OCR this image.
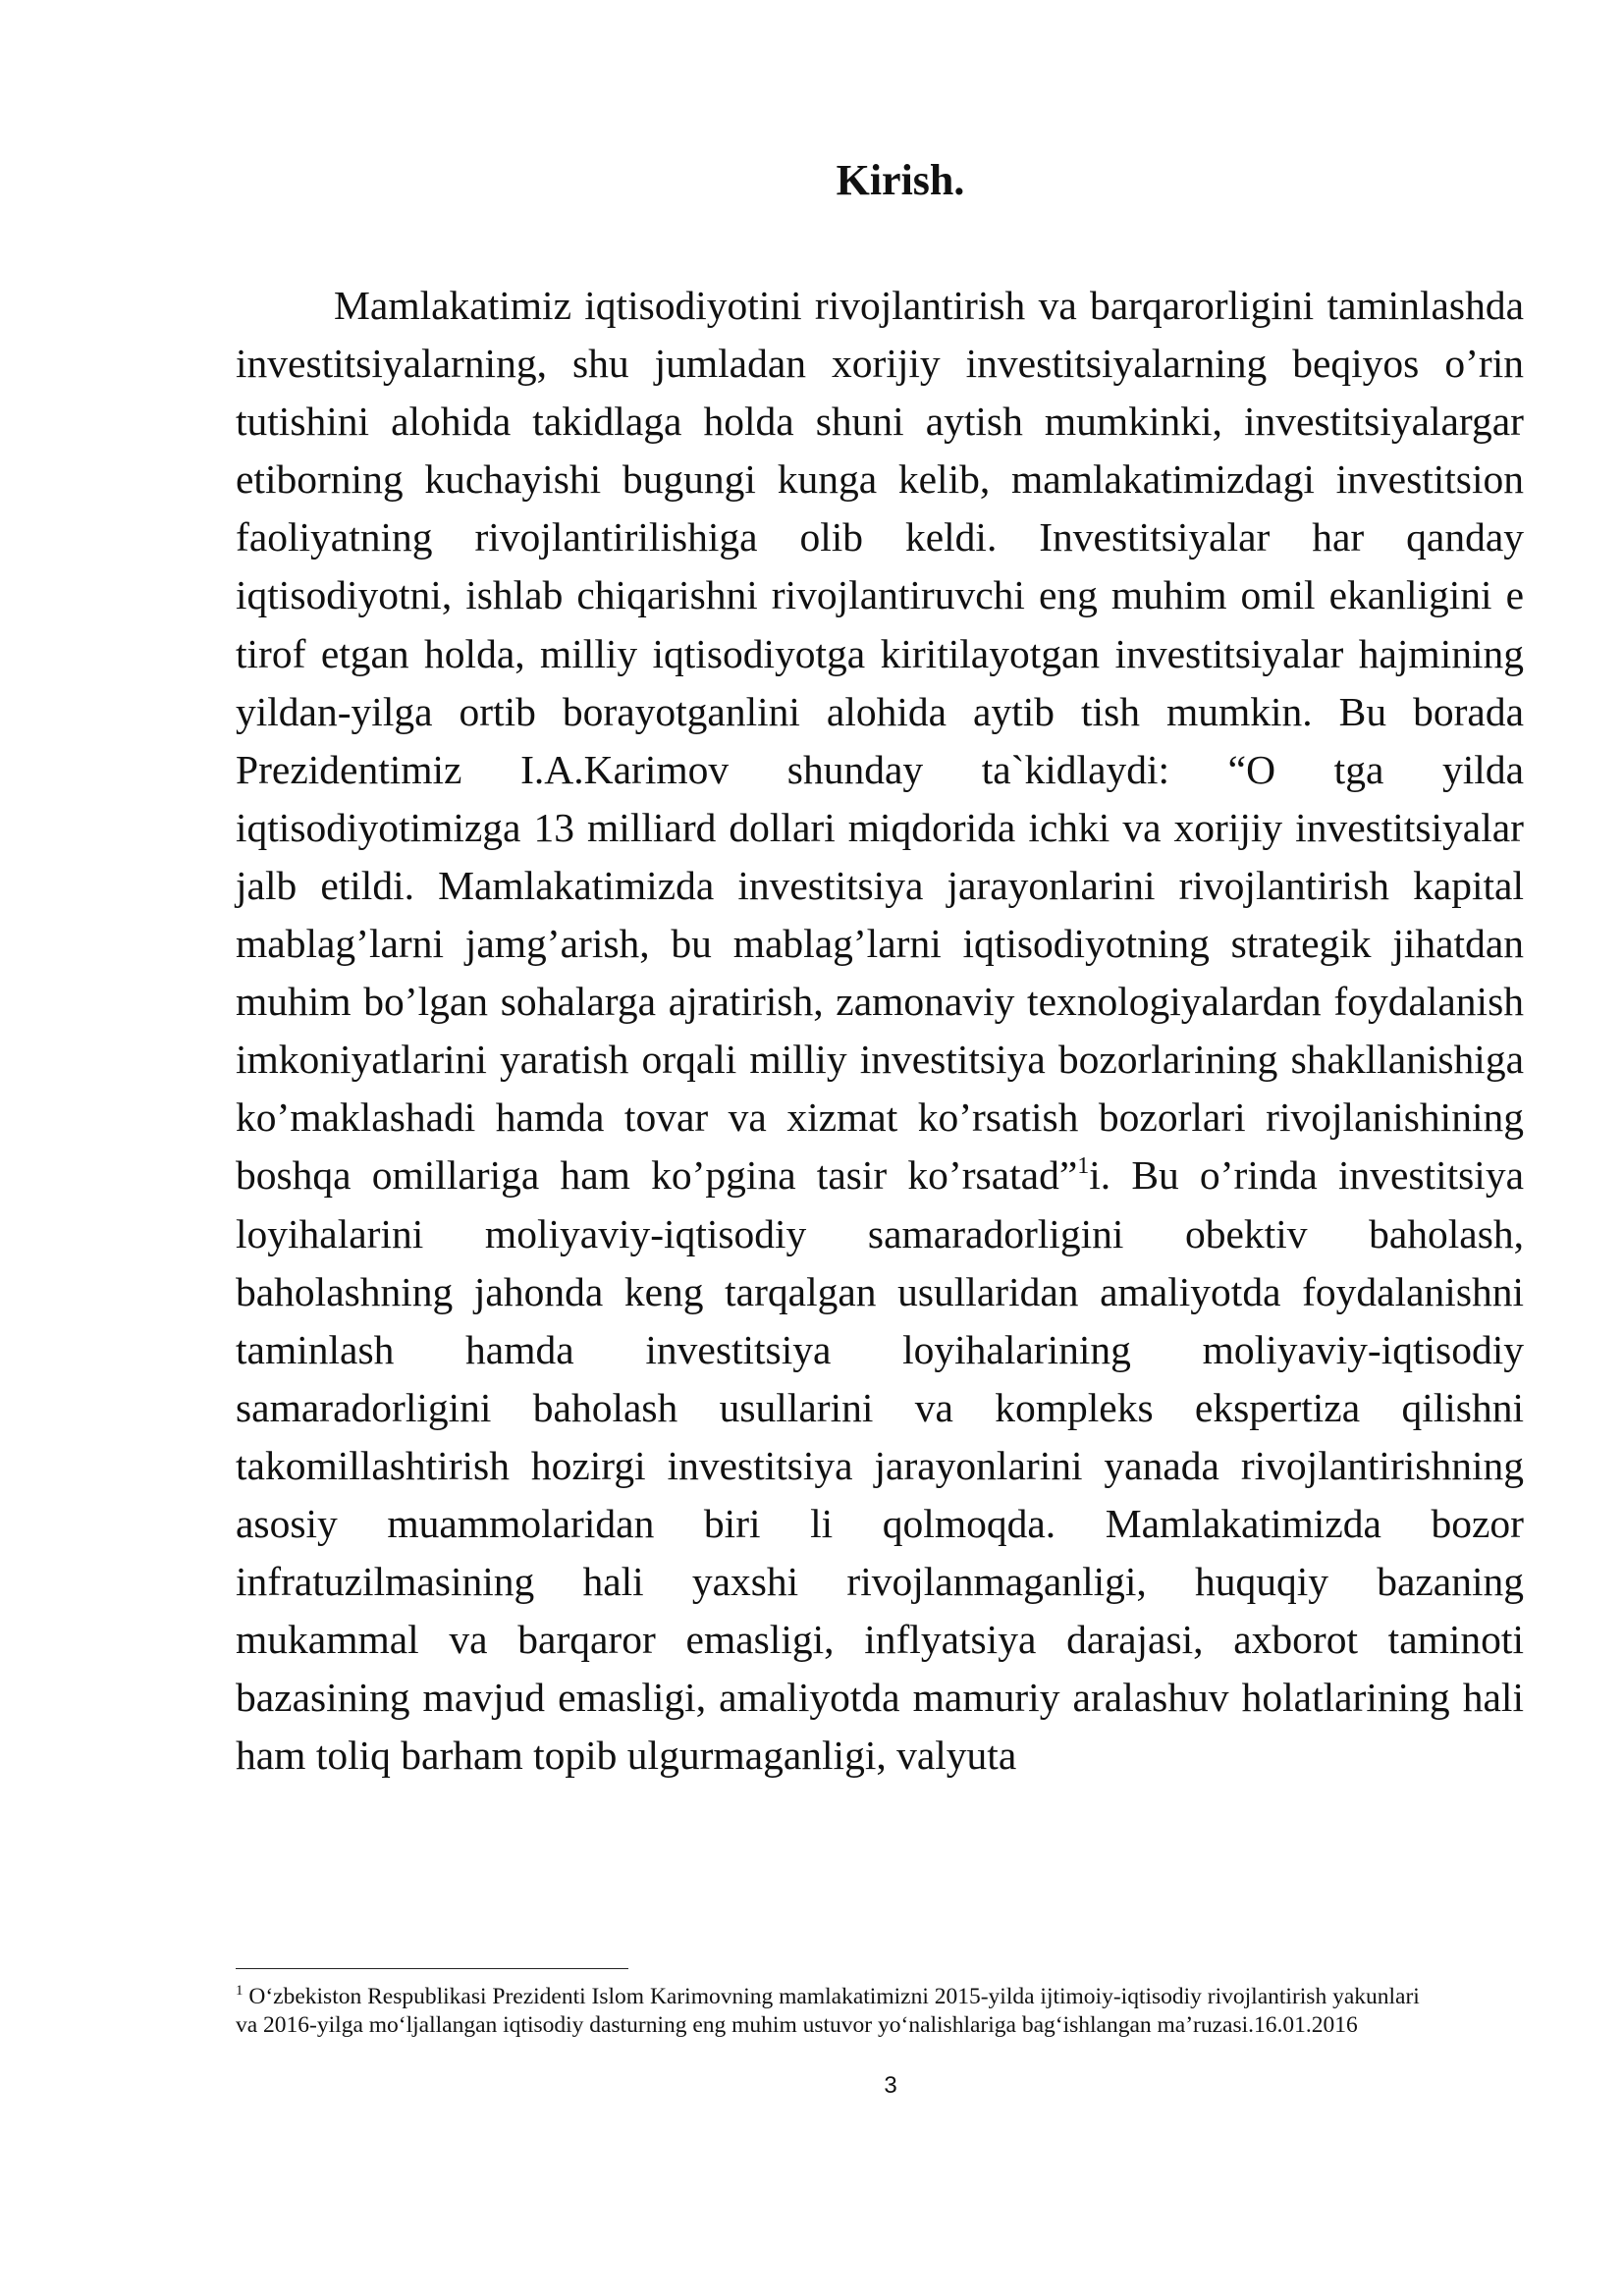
Kirish.

Mamlakatimiz iqtisodiyotini rivojlantirish va barqarorligini taminlashda investitsiyalarning, shu jumladan xorijiy investitsiyalarning beqiyos o’rin tutishini alohida takidlaga holda shuni aytish mumkinki, investitsiyalargar etiborning kuchayishi bugungi kunga kelib, mamlakatimizdagi investitsion faoliyatning rivojlantirilishiga olib keldi. Investitsiyalar har qanday iqtisodiyotni, ishlab chiqarishni rivojlantiruvchi eng muhim omil ekanligini e tirof etgan holda, milliy iqtisodiyotga kiritilayotgan investitsiyalar hajmining yildan-yilga ortib borayotganlini alohida aytib tish mumkin. Bu borada Prezidentimiz I.A.Karimov shunday ta`kidlaydi: “O tga yilda iqtisodiyotimizga 13 milliard dollari miqdorida ichki va xorijiy investitsiyalar jalb etildi. Mamlakatimizda investitsiya jarayonlarini rivojlantirish kapital mablag’larni jamg’arish, bu mablag’larni iqtisodiyotning strategik jihatdan muhim bo’lgan sohalarga ajratirish, zamonaviy texnologiyalardan foydalanish imkoniyatlarini yaratish orqali milliy investitsiya bozorlarining shakllanishiga ko’maklashadi hamda tovar va xizmat ko’rsatish bozorlari rivojlanishining boshqa omillariga ham ko’pgina tasir ko’rsatad”$^1$i. Bu o’rinda investitsiya loyihalarini moliyaviy-iqtisodiy samaradorligini obektiv baholash, baholashning jahonda keng tarqalgan usullaridan amaliyotda foydalanishni taminlash hamda investitsiya loyihalarining moliyaviy-iqtisodiy samaradorligini baholash usullarini va kompleks ekspertiza qilishni takomillashtirish hozirgi investitsiya jarayonlarini yanada rivojlantirishning asosiy muammolaridan biri li qolmoqda. Mamlakatimizda bozor infratuzilmasining hali yaxshi rivojlanmaganligi, huquqiy bazaning mukammal va barqaror emasligi, inflyatsiya darajasi, axborot taminoti bazasining mavjud emasligi, amaliyotda mamuriy aralashuv holatlarining hali ham toliq barham topib ulgurmaganligi, valyuta

$^1$ O‘zbekiston Respublikasi Prezidenti Islom Karimovning mamlakatimizni 2015-yilda ijtimoiy-iqtisodiy rivojlantirish yakunlari va 2016-yilga mo‘ljallangan iqtisodiy dasturning eng muhim ustuvor yo‘nalishlariga bag‘ishlangan ma’ruzasi.16.01.2016
3
